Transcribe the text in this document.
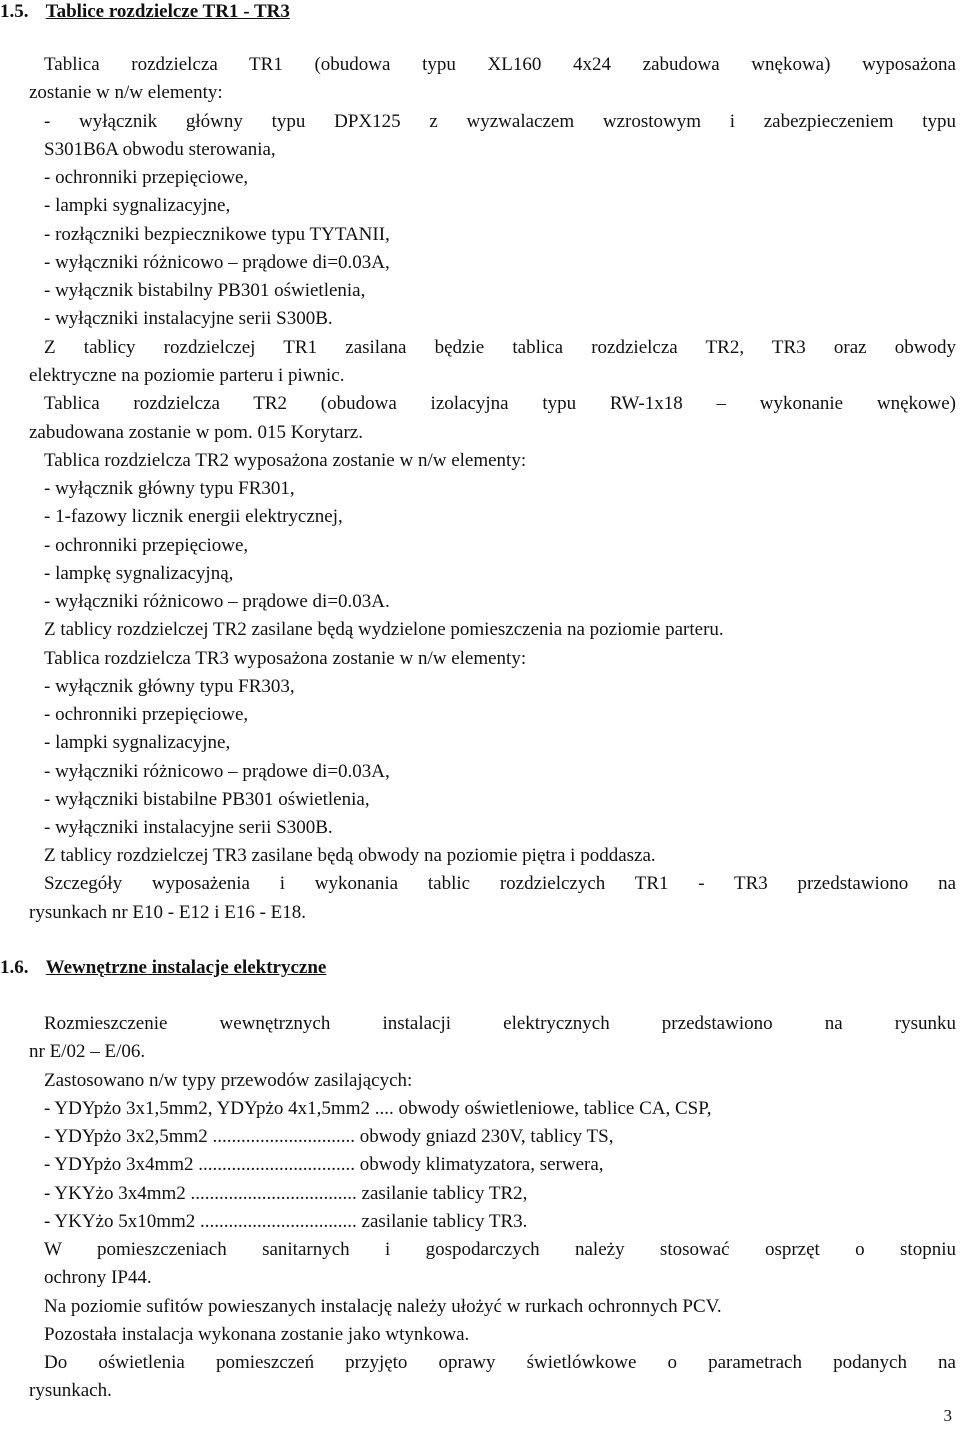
1.5. Tablice rozdzielcze TR1 - TR3
Tablica rozdzielcza TR1 (obudowa typu XL160 4x24 zabudowa wnękowa) wyposażona
zostanie w n/w elementy:
- wyłącznik główny typu DPX125 z wyzwalaczem wzrostowym i zabezpieczeniem typu
S301B6A obwodu sterowania,
- ochronniki przepięciowe,
- lampki sygnalizacyjne,
- rozłączniki bezpiecznikowe typu TYTANII,
- wyłączniki różnicowo – prądowe di=0.03A,
- wyłącznik bistabilny PB301 oświetlenia,
- wyłączniki instalacyjne serii S300B.
Z tablicy rozdzielczej TR1 zasilana będzie tablica rozdzielcza TR2, TR3 oraz obwody
elektryczne na poziomie parteru i piwnic.
Tablica rozdzielcza TR2 (obudowa izolacyjna typu RW-1x18 – wykonanie wnękowe)
zabudowana zostanie w pom. 015 Korytarz.
Tablica rozdzielcza TR2 wyposażona zostanie w n/w elementy:
- wyłącznik główny typu FR301,
- 1-fazowy licznik energii elektrycznej,
- ochronniki przepięciowe,
- lampkę sygnalizacyjną,
- wyłączniki różnicowo – prądowe di=0.03A.
Z tablicy rozdzielczej TR2 zasilane będą wydzielone pomieszczenia na poziomie parteru.
Tablica rozdzielcza TR3 wyposażona zostanie w n/w elementy:
- wyłącznik główny typu FR303,
- ochronniki przepięciowe,
- lampki sygnalizacyjne,
- wyłączniki różnicowo – prądowe di=0.03A,
- wyłączniki bistabilne PB301 oświetlenia,
- wyłączniki instalacyjne serii S300B.
Z tablicy rozdzielczej TR3 zasilane będą obwody na poziomie piętra i poddasza.
Szczegóły wyposażenia i wykonania tablic rozdzielczych TR1 - TR3 przedstawiono na
rysunkach nr E10 - E12 i E16 - E18.
1.6. Wewnętrzne instalacje elektryczne
Rozmieszczenie wewnętrznych instalacji elektrycznych przedstawiono na rysunku
nr E/02 – E/06.
Zastosowano n/w typy przewodów zasilających:
- YDYpżo 3x1,5mm2, YDYpżo 4x1,5mm2 .... obwody oświetleniowe, tablice CA, CSP,
- YDYpżo 3x2,5mm2 .............................. obwody gniazd 230V, tablicy TS,
- YDYpżo 3x4mm2 ................................. obwody klimatyzatora, serwera,
- YKYżo 3x4mm2 ................................... zasilanie tablicy TR2,
- YKYżo 5x10mm2 ................................. zasilanie tablicy TR3.
W pomieszczeniach sanitarnych i gospodarczych należy stosować osprzęt o stopniu
ochrony IP44.
Na poziomie sufitów powieszanych instalację należy ułożyć w rurkach ochronnych PCV.
Pozostała instalacja wykonana zostanie jako wtynkowa.
Do oświetlenia pomieszczeń przyjęto oprawy świetlówkowe o parametrach podanych na
rysunkach.
3
